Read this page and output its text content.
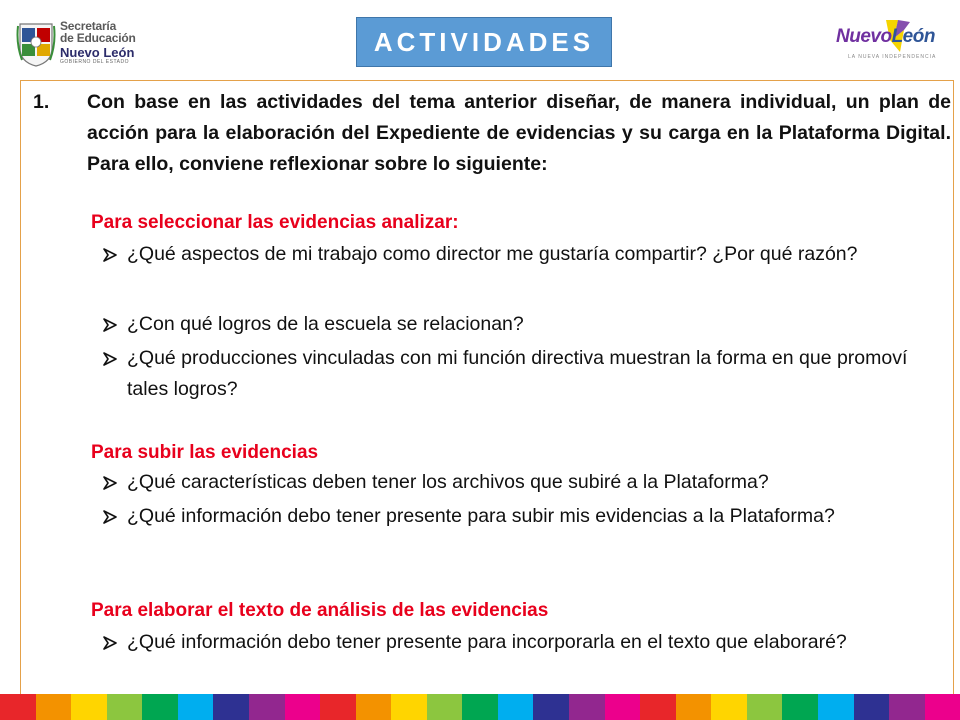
Secretaría
de Educación
Nuevo León
GOBIERNO DEL ESTADO
ACTIVIDADES	NuevoLeón
LA NUEVA INDEPENDENCIA
1. Con base en las actividades del tema anterior diseñar, de manera individual, un plan de acción para la elaboración del Expediente de evidencias y su carga en la Plataforma Digital. Para ello, conviene reflexionar sobre lo siguiente:
Para seleccionar las evidencias analizar:
¿Qué aspectos de mi trabajo como director me gustaría compartir? ¿Por qué razón?
¿Con qué logros de la escuela se relacionan?
¿Qué producciones vinculadas con mi función directiva muestran la forma en que promoví tales logros?
Para subir las evidencias
¿Qué características deben tener los archivos que subiré a la Plataforma?
¿Qué información debo tener presente para subir mis evidencias a la Plataforma?
Para elaborar el texto de análisis de las evidencias
¿Qué información debo tener presente para incorporarla en el texto que elaboraré?
